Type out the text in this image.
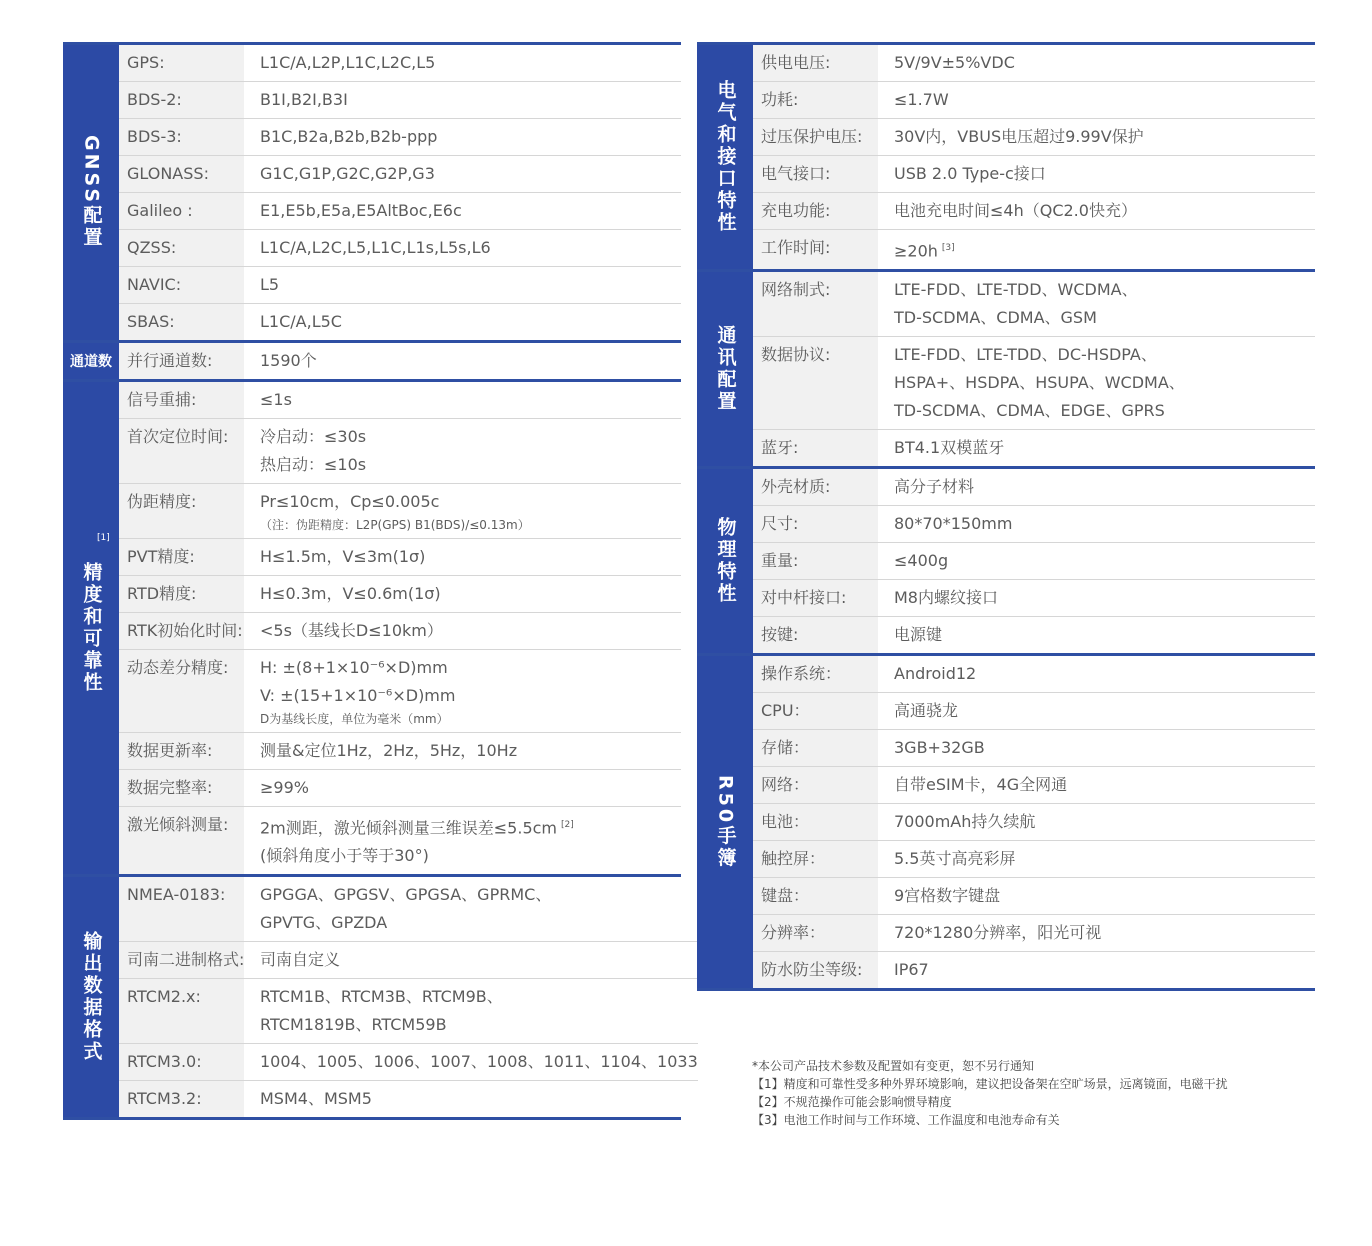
GNSS配置
GPS:	L1C/A,L2P,L1C,L2C,L5
BDS-2:	B1I,B2I,B3I
BDS-3:	B1C,B2a,B2b,B2b-ppp
GLONASS:	G1C,G1P,G2C,G2P,G3
Galileo :	E1,E5b,E5a,E5AltBoc,E6c
QZSS:	L1C/A,L2C,L5,L1C,L1s,L5s,L6
NAVIC:	L5
SBAS:	L1C/A,L5C
通道数 并行通道数:	1590个
精度和可靠性
[1]
信号重捕:	≤1s
首次定位时间:	冷启动：≤30s
热启动：≤10s
伪距精度:	Pr≤10cm，Cp≤0.005c
（注：伪距精度：L2P(GPS) B1(BDS)/≤0.13m）
PVT精度:	H≤1.5m，V≤3m(1σ)
RTD精度:	H≤0.3m，V≤0.6m(1σ)
RTK初始化时间: <5s（基线长D≤10km）
动态差分精度:	H: ±(8+1×10⁻⁶×D)mm
V: ±(15+1×10⁻⁶×D)mm
D为基线长度，单位为毫米（mm）
数据更新率:	测量&定位1Hz，2Hz，5Hz，10Hz
数据完整率:	≥99%
激光倾斜测量:	2m测距，激光倾斜测量三维误差≤5.5cm [2]
(倾斜角度小于等于30°)
输出数据格式
NMEA-0183:	GPGGA、GPGSV、GPGSA、GPRMC、
GPVTG、GPZDA
司南二进制格式: 司南自定义
RTCM2.x:	RTCM1B、RTCM3B、RTCM9B、
RTCM1819B、RTCM59B
RTCM3.0:	1004、1005、1006、1007、1008、1011、1104、1033
RTCM3.2:	MSM4、MSM5
电气和接口特性
供电电压:	5V/9V±5%VDC
功耗:	≤1.7W
过压保护电压:	30V内，VBUS电压超过9.99V保护
电气接口:	USB 2.0 Type-c接口
充电功能:	电池充电时间≤4h（QC2.0快充）
工作时间:	≥20h [3]
通讯配置
网络制式:	LTE-FDD、LTE-TDD、WCDMA、
TD-SCDMA、CDMA、GSM
数据协议:	LTE-FDD、LTE-TDD、DC-HSDPA、
HSPA+、HSDPA、HSUPA、WCDMA、
TD-SCDMA、CDMA、EDGE、GPRS
蓝牙:	BT4.1双模蓝牙
物理特性
外壳材质:	高分子材料
尺寸:	80*70*150mm
重量:	≤400g
对中杆接口:	M8内螺纹接口
按键:	电源键
R50手簿
操作系统：	Android12
CPU：	高通骁龙
存储：	3GB+32GB
网络：	自带eSIM卡，4G全网通
电池：	7000mAh持久续航
触控屏：	5.5英寸高亮彩屏
键盘：	9宫格数字键盘
分辨率：	720*1280分辨率，阳光可视
防水防尘等级:	IP67
*本公司产品技术参数及配置如有变更，恕不另行通知
【1】精度和可靠性受多种外界环境影响，建议把设备架在空旷场景，远离镜面，电磁干扰
【2】不规范操作可能会影响惯导精度
【3】电池工作时间与工作环境、工作温度和电池寿命有关
